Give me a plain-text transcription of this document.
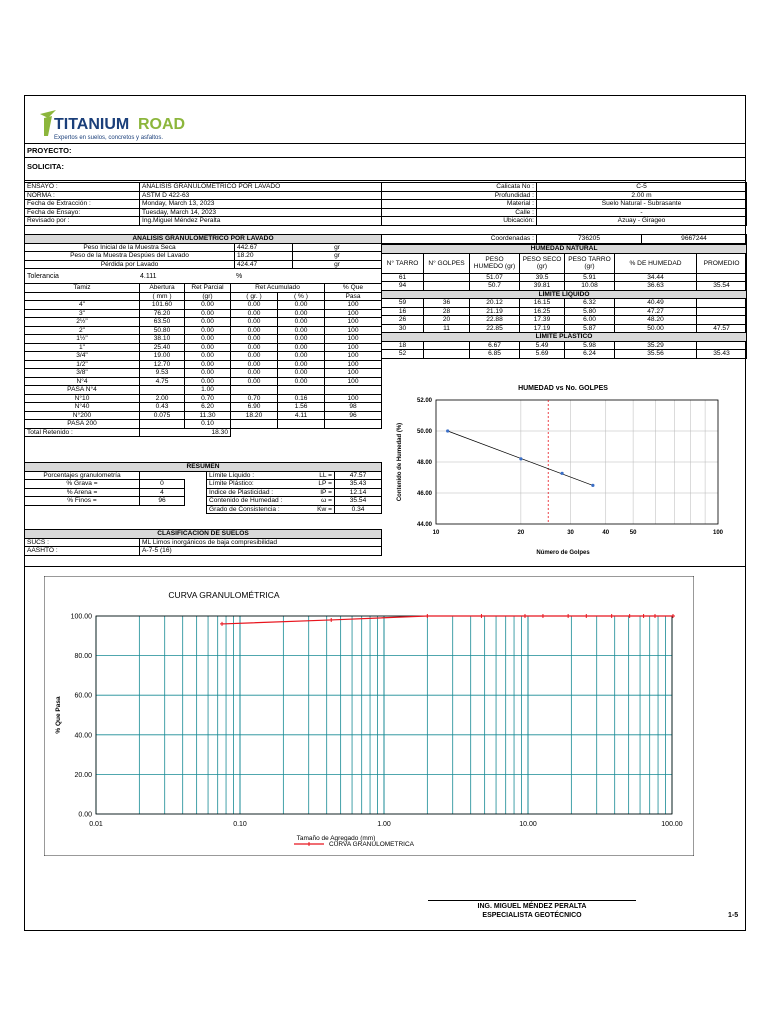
TITANIUM ROAD
Expertos en suelos, concretos y asfaltos.
PROYECTO:
SOLICITA:
ENSAYO :	ANALISIS GRANULOMETRICO POR LAVADO
NORMA :	ASTM D 422-63
Fecha de Extracción :	Monday, March 13, 2023
Fecha de Ensayo:	Tuesday, March 14, 2023
Revisado por :	Ing.Miguel Méndez Peralta
ANALISIS GRANULOMETRICO POR LAVADO		
Peso Inicial de la Muestra Seca	442.67	gr
Peso de la Muestra Despúes del Lavado	18.20	gr
Pérdida por Lavado	424.47	gr
Tolerancia	4.111	%
Tamiz	Abertura	Ret Parcial	Ret Acumulado		% Que
	( mm )	(gr)	( gr. )	( % )	Pasa
4"	101.60	0.00	0.00	0.00	100
3"	76.20	0.00	0.00	0.00	100
2½"	63.50	0.00	0.00	0.00	100
2"	50.80	0.00	0.00	0.00	100
1½"	38.10	0.00	0.00	0.00	100
1"	25.40	0.00	0.00	0.00	100
3/4"	19.00	0.00	0.00	0.00	100
1/2"	12.70	0.00	0.00	0.00	100
3/8"	9.53	0.00	0.00	0.00	100
N°4	4.75	0.00	0.00	0.00	100
PASA N°4		1.00			
N°10	2.00	0.70	0.70	0.16	100
N°40	0.43	6.20	6.90	1.56	98
N°200	0.075	11.30	18.20	4.11	96
PASA 200		0.10			
Total Retenido :	18.30				
RESUMEN				
Porcentajes granulometría			Límite Líquido : LL =	47.57
% Grava =	0		Límite Plástico: LP =	35.43
% Arena =	4		Indice de Plasticidad : IP =	12.14
% Finos =	96		Contenido de Humedad : ω =	35.54
			Grado de Consistencia : Kw =	0.34
CLASIFICACIÓN DE SUELOS	
SUCS :	ML Limos inorgánicos de baja compresibilidad
AASHTO :	A-7-5 (16)
Calicata No :	C-5
Profundidad :	2.00 m
Material :	Suelo Natural - Subrasante
Calle :	-
Ubicación:	Azuay - Girageo
Coordenadas :	736205	9667244
HUMEDAD NATURAL						
N° TARRO	N° GOLPES	PESO HUMEDO (gr)	PESO SECO (gr)	PESO TARRO (gr)	% DE HUMEDAD	PROMEDIO
61		51.07	39.5	5.91	34.44	
94		50.7	39.81	10.08	36.63	35.54
LÍMITE LÍQUIDO						
59	36	20.12	16.15	6.32	40.49	
16	28	21.19	16.25	5.80	47.27	
26	20	22.88	17.39	6.00	48.20	
30	11	22.85	17.19	5.87	50.00	47.57
LÍMITE PLÁSTICO						
18		6.67	5.49	5.98	35.29	
52		6.85	5.69	6.24	35.56	35.43
HUMEDAD vs No. GOLPES
52.00
50.00
48.00
46.00
44.00
10	20	30	40	50	100
Número de Golpes
Contenido de Humedad (%)
CURVA GRANULOMÉTRICA
100.00
80.00
60.00
40.00
20.00
0.00
0.01	0.10	1.00	10.00	100.00
Tamaño de Agregado (mm)
% Que Pasa
CURVA GRANULOMETRICA
ING. MIGUEL MÉNDEZ PERALTA
ESPECIALISTA GEOTÉCNICO	1-5
